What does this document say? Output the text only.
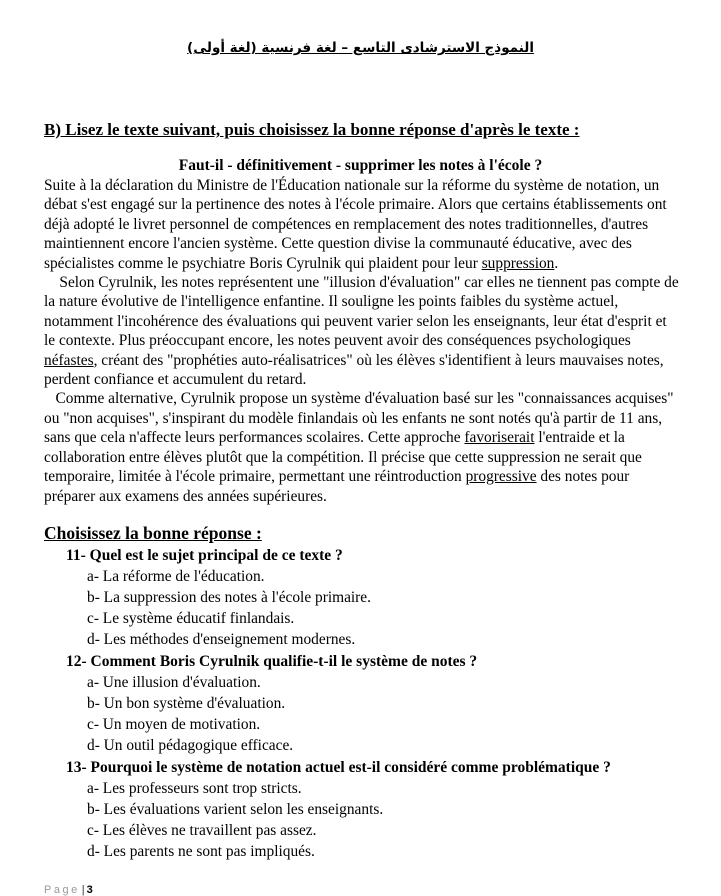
النموذج الاسترشادى التاسع – لغة فرنسية (لغة أولى)
B) Lisez le texte suivant, puis choisissez la bonne réponse d'après le texte :
Faut-il - définitivement - supprimer les notes à l'école ?

Suite à la déclaration du Ministre de l'Éducation nationale sur la réforme du système de notation, un débat s'est engagé sur la pertinence des notes à l'école primaire. Alors que certains établissements ont déjà adopté le livret personnel de compétences en remplacement des notes traditionnelles, d'autres maintiennent encore l'ancien système. Cette question divise la communauté éducative, avec des spécialistes comme le psychiatre Boris Cyrulnik qui plaident pour leur suppression.

Selon Cyrulnik, les notes représentent une "illusion d'évaluation" car elles ne tiennent pas compte de la nature évolutive de l'intelligence enfantine. Il souligne les points faibles du système actuel, notamment l'incohérence des évaluations qui peuvent varier selon les enseignants, leur état d'esprit et le contexte. Plus préoccupant encore, les notes peuvent avoir des conséquences psychologiques néfastes, créant des "prophéties auto-réalisatrices" où les élèves s'identifient à leurs mauvaises notes, perdent confiance et accumulent du retard.

Comme alternative, Cyrulnik propose un système d'évaluation basé sur les "connaissances acquises" ou "non acquises", s'inspirant du modèle finlandais où les enfants ne sont notés qu'à partir de 11 ans, sans que cela n'affecte leurs performances scolaires. Cette approche favoriserait l'entraide et la collaboration entre élèves plutôt que la compétition. Il précise que cette suppression ne serait que temporaire, limitée à l'école primaire, permettant une réintroduction progressive des notes pour préparer aux examens des années supérieures.

Choisissez la bonne réponse :
11- Quel est le sujet principal de ce texte ?
a- La réforme de l'éducation.
b- La suppression des notes à l'école primaire.
c- Le système éducatif finlandais.
d- Les méthodes d'enseignement modernes.
12- Comment Boris Cyrulnik qualifie-t-il le système de notes ?
a- Une illusion d'évaluation.
b- Un bon système d'évaluation.
c- Un moyen de motivation.
d- Un outil pédagogique efficace.
13- Pourquoi le système de notation actuel est-il considéré comme problématique ?
a- Les professeurs sont trop stricts.
b- Les évaluations varient selon les enseignants.
c- Les élèves ne travaillent pas assez.
d- Les parents ne sont pas impliqués.
Page | 3
